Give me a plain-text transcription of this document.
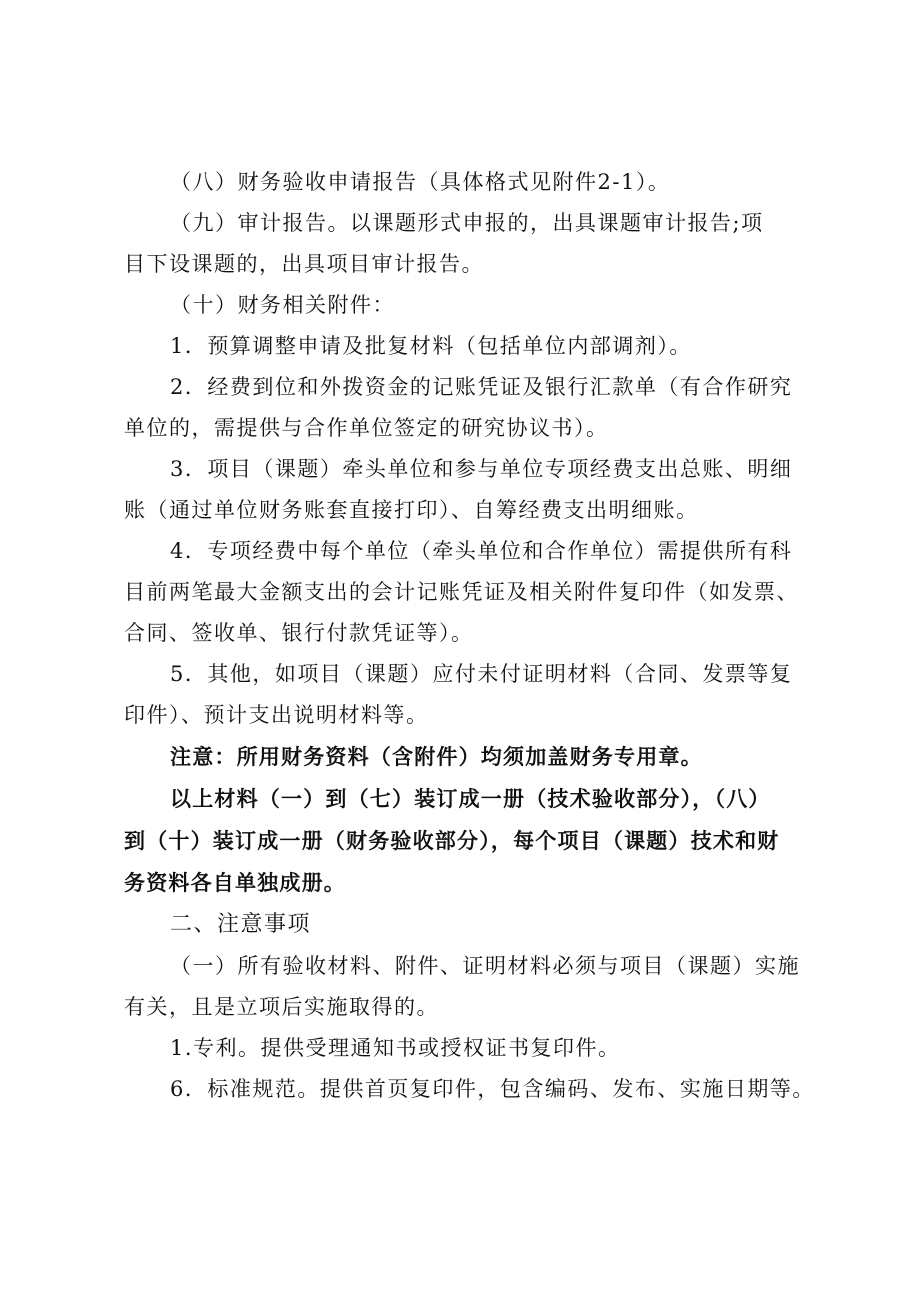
（八）财务验收申请报告（具体格式见附件2-1）。
（九）审计报告。以课题形式申报的，出具课题审计报告;项
目下设课题的，出具项目审计报告。
（十）财务相关附件：
1．预算调整申请及批复材料（包括单位内部调剂）。
2．经费到位和外拨资金的记账凭证及银行汇款单（有合作研究
单位的，需提供与合作单位签定的研究协议书）。
3．项目（课题）牵头单位和参与单位专项经费支出总账、明细
账（通过单位财务账套直接打印）、自筹经费支出明细账。
4．专项经费中每个单位（牵头单位和合作单位）需提供所有科
目前两笔最大金额支出的会计记账凭证及相关附件复印件（如发票、
合同、签收单、银行付款凭证等）。
5．其他，如项目（课题）应付未付证明材料（合同、发票等复
印件）、预计支出说明材料等。
注意：所用财务资料（含附件）均须加盖财务专用章。
以上材料（一）到（七）装订成一册（技术验收部分），（八）
到（十）装订成一册（财务验收部分），每个项目（课题）技术和财
务资料各自单独成册。
二、注意事项
（一）所有验收材料、附件、证明材料必须与项目（课题）实施
有关，且是立项后实施取得的。
1.专利。提供受理通知书或授权证书复印件。
6．标准规范。提供首页复印件，包含编码、发布、实施日期等。
